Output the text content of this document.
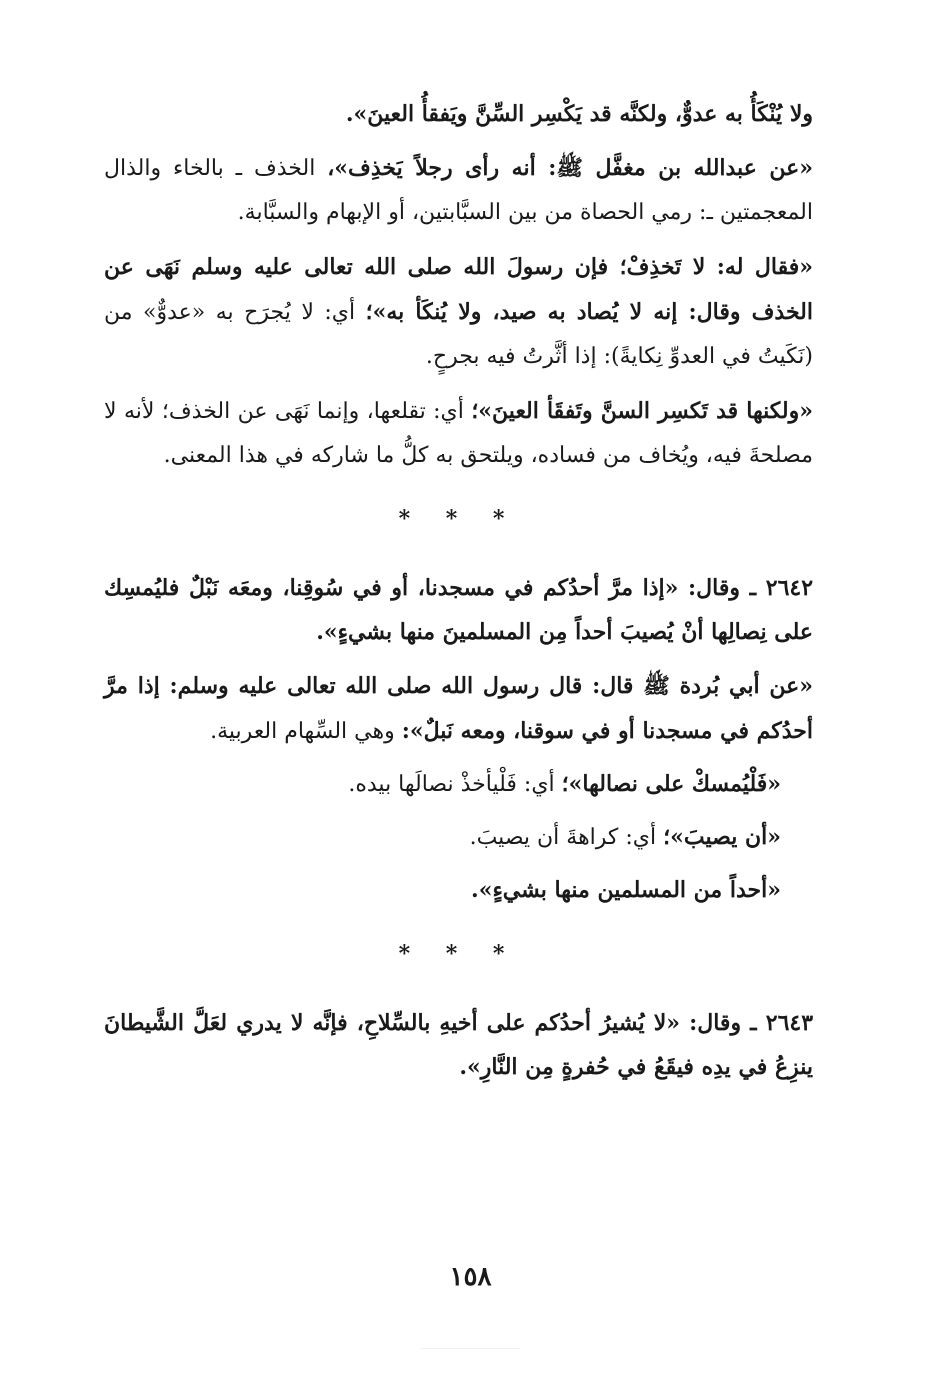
ولا يُنْكَأُ به عدوٌّ، ولكنَّه قد يَكْسِر السِّنَّ ويَفقأُ العينَ».

«عن عبدالله بن مغفَّل ﷺ: أنه رأى رجلاً يَخذِف»، الخذف ـ بالخاء والذال المعجمتين ـ: رمي الحصاة من بين السبَّابتين، أو الإبهام والسبَّابة.

«فقال له: لا تَخذِفْ؛ فإن رسولَ الله صلى الله تعالى عليه وسلم نَهَى عن الخذف وقال: إنه لا يُصاد به صيد، ولا يُنكَأ به»؛ أي: لا يُجرَح به «عدوٌّ» من (نَكَيتُ في العدوِّ نِكايةً): إذا أثَّرتُ فيه بجرحٍ.

«ولكنها قد تَكسِر السنَّ وتَفقَأ العينَ»؛ أي: تقلعها، وإنما نَهَى عن الخذف؛ لأنه لا مصلحةَ فيه، ويُخاف من فساده، ويلتحق به كلُّ ما شاركه في هذا المعنى.

* * *

٢٦٤٢ ـ وقال: «إذا مرَّ أحدُكم في مسجدنا، أو في سُوقِنا، ومعَه نَبْلٌ فليُمسِك على نِصالِها أنْ يُصيبَ أحداً مِن المسلمينَ منها بشيءٍ».

«عن أبي بُردة ﷺ قال: قال رسول الله صلى الله تعالى عليه وسلم: إذا مرَّ أحدُكم في مسجدنا أو في سوقنا، ومعه نَبلٌ»: وهي السِّهام العربية.

«فَلْيُمسكْ على نصالها»؛ أي: فَلْيأخذْ نصالَها بيده.

«أن يصيبَ»؛ أي: كراهةَ أن يصيبَ.

«أحداً من المسلمين منها بشيءٍ».

* * *

٢٦٤٣ ـ وقال: «لا يُشيرُ أحدُكم على أخيهِ بالسِّلاحِ، فإنَّه لا يدري لعَلَّ الشَّيطانَ ينزِعُ في يدِه فيقَعُ في حُفرةٍ مِن النَّارِ».

١٥٨
